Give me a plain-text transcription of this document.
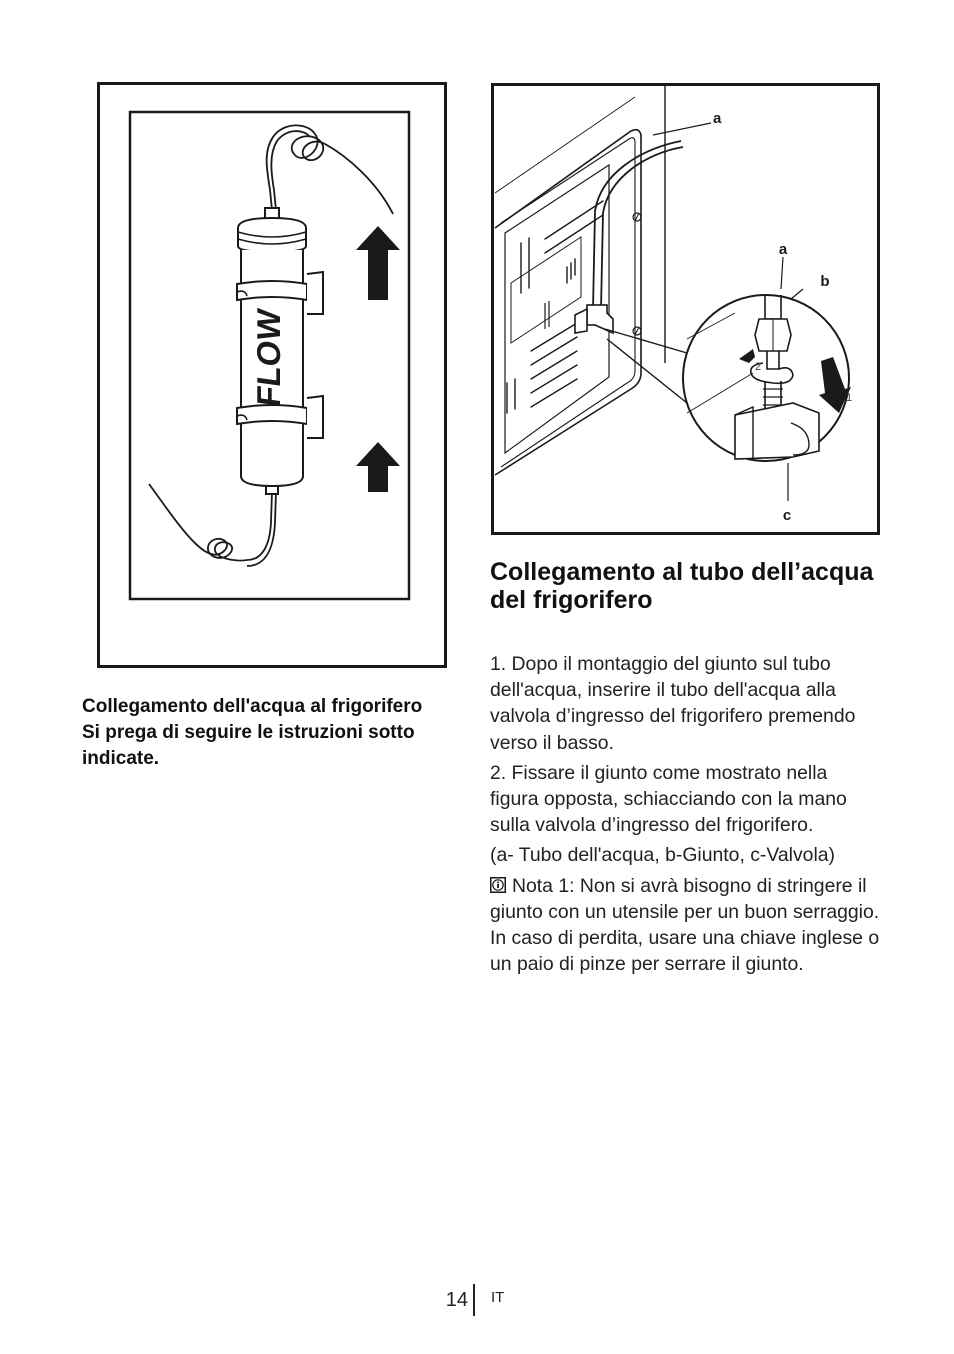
FLOW
a
a
b
c
2
1

Collegamento dell'acqua al frigorifero

Si prega di seguire le istruzioni sotto indicate.

Collegamento al tubo dell’acqua del frigorifero

1. Dopo il montaggio del giunto sul tubo dell'acqua, inserire il tubo dell'acqua alla valvola d’ingresso del frigorifero premendo verso il basso.

2. Fissare il giunto come mostrato nella figura opposta, schiacciando con la mano sulla valvola d’ingresso del frigorifero.

(a- Tubo dell'acqua, b-Giunto, c-Valvola)

Nota 1: Non si avrà bisogno di stringere il giunto con un utensile per un buon serraggio. In caso di perdita, usare una chiave inglese o un paio di pinze per serrare il giunto.

14 IT
